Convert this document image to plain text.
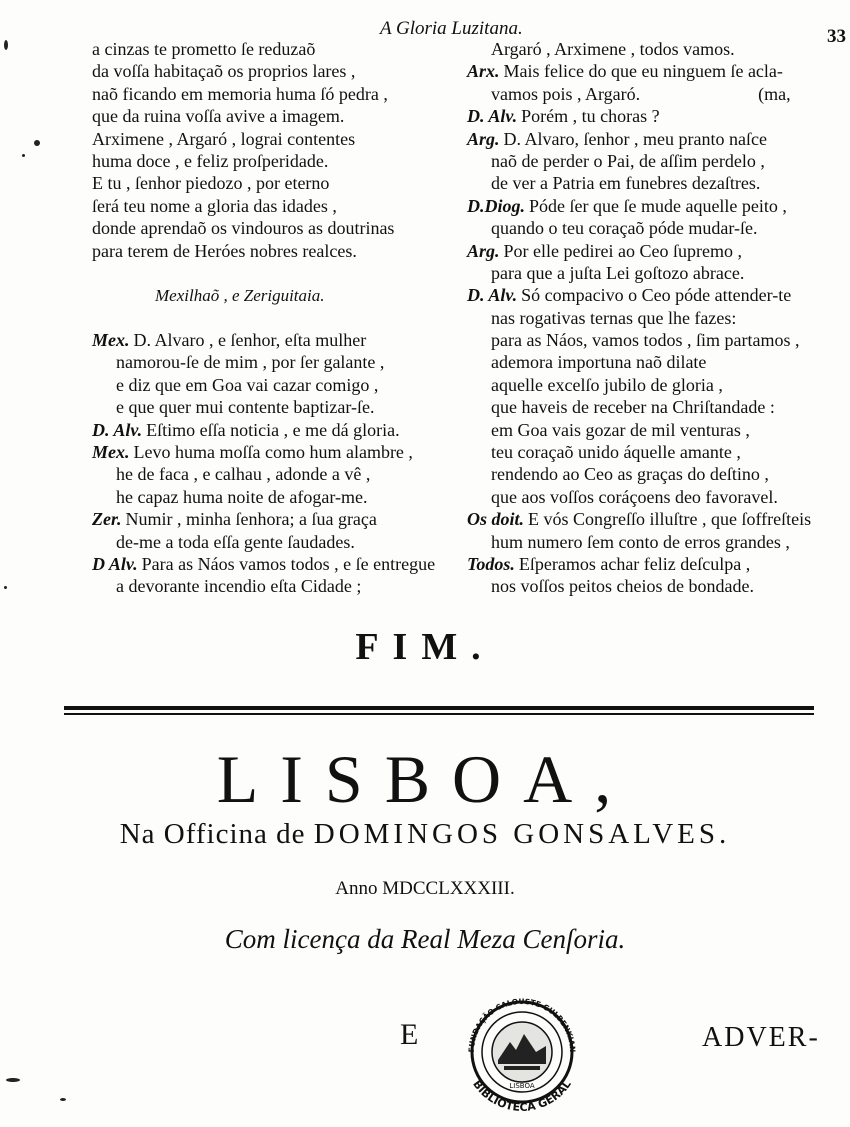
A Gloria Luzitana.	33
a cinzas te prometto ſe reduzaõ
da voſſa habitaçaõ os proprios lares ,
naõ ficando em memoria huma ſó pedra ,
que da ruina voſſa avive a imagem.
Arximene , Argaró , lograi contentes
huma doce , e feliz proſperidade.
E tu , ſenhor piedozo , por eterno
ſerá teu nome a gloria das idades ,
donde aprendaõ os vindouros as doutrinas
para terem de Heróes nobres realces.
Mex. D. Alvaro , e ſenhor, eſta mulher
namorou-ſe de mim , por ſer galante ,
e diz que em Goa vai cazar comigo ,
e que quer mui contente baptizar-ſe.
D. Alv. Eſtimo eſſa noticia , e me dá gloria.
Mex. Levo huma moſſa como hum alambre ,
he de faca , e calhau , adonde a vê ,
he capaz huma noite de afogar-me.
Zer. Numir , minha ſenhora; a ſua graça
de-me a toda eſſa gente ſaudades.
D Alv. Para as Náos vamos todos , e ſe entregue
a devorante incendio eſta Cidade ;
Mexilhaõ , e Zeriguitaia.
Argaró , Arximene , todos vamos.
Arx. Mais felice do que eu ninguem ſe acla-
vamos pois , Argaró.	(ma,
D. Alv. Porém , tu choras ?
Arg. D. Alvaro, ſenhor , meu pranto naſce
naõ de perder o Pai, de aſſim perdelo ,
de ver a Patria em funebres dezaſtres.
D.Diog. Póde ſer que ſe mude aquelle peito ,
quando o teu coraçaõ póde mudar-ſe.
Arg. Por elle pedirei ao Ceo ſupremo ,
para que a juſta Lei goſtozo abrace.
D. Alv. Só compacivo o Ceo póde attender-te
nas rogativas ternas que lhe fazes:
para as Náos, vamos todos , ſim partamos ,
ademora importuna naõ dilate
aquelle excelſo jubilo de gloria ,
que haveis de receber na Chriſtandade :
em Goa vais gozar de mil venturas ,
teu coraçaõ unido áquelle amante ,
rendendo ao Ceo as graças do deſtino ,
que aos voſſos coráçoens deo favoravel.
Os doit. E vós Congreſſo illuſtre , que ſoffreſteis
hum numero ſem conto de erros grandes ,
Todos. Eſperamos achar feliz deſculpa ,
nos voſſos peitos cheios de bondade.
FIM.
LISBOA,
Na Officina de DOMINGOS GONSALVES.
Anno MDCCLXXXIII.
Com licença da Real Meza Cenſoria.
E	ADVER-
FUNDAÇÃO CALOUSTE GULBENKIAN
LISBOA
BIBLIOTECA GERAL
